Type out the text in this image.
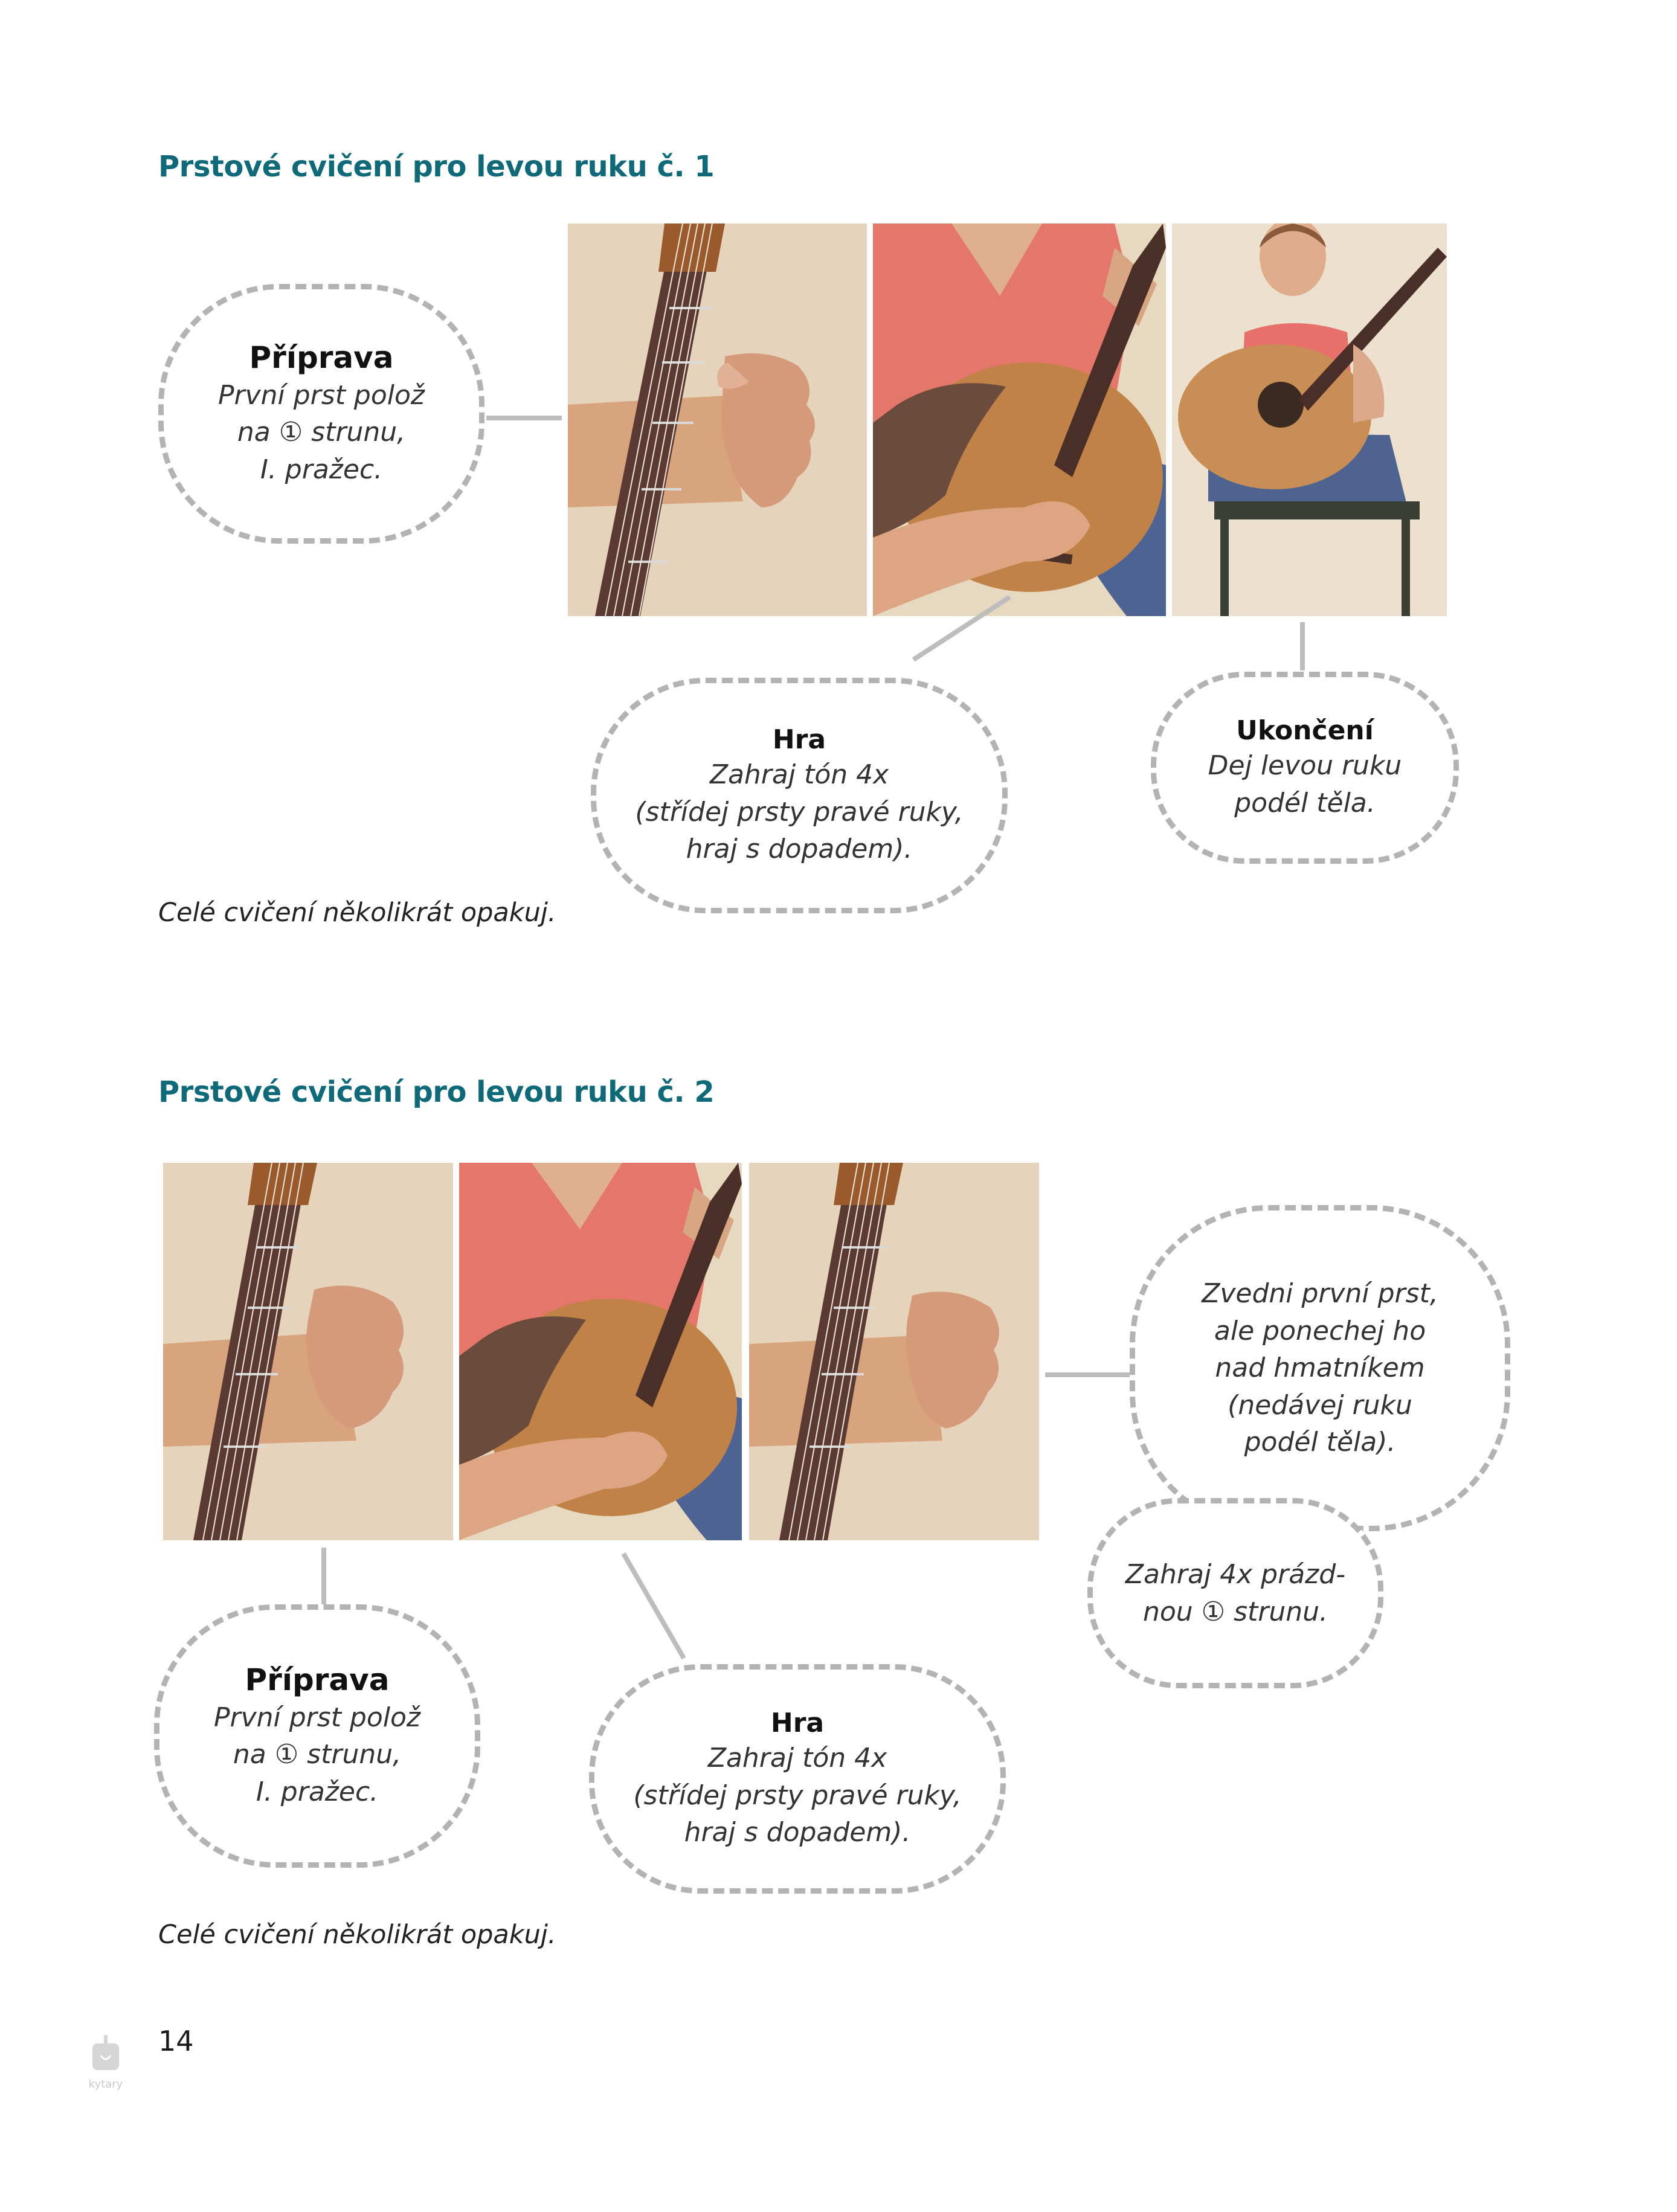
Prstové cvičení pro levou ruku č. 1
Příprava
První prst polož
na ① strunu,
I. pražec.
Hra
Zahraj tón 4x
(střídej prsty pravé ruky,
hraj s dopadem).
Ukončení
Dej levou ruku
podél těla.

Celé cvičení několikrát opakuj.

Prstové cvičení pro levou ruku č. 2
Zvedni první prst,
ale ponechej ho
nad hmatníkem
(nedávej ruku
podél těla).
Zahraj 4x prázd-
nou ① strunu.
Příprava
První prst polož
na ① strunu,
I. pražec.
Hra
Zahraj tón 4x
(střídej prsty pravé ruky,
hraj s dopadem).

Celé cvičení několikrát opakuj.

kytary
14
